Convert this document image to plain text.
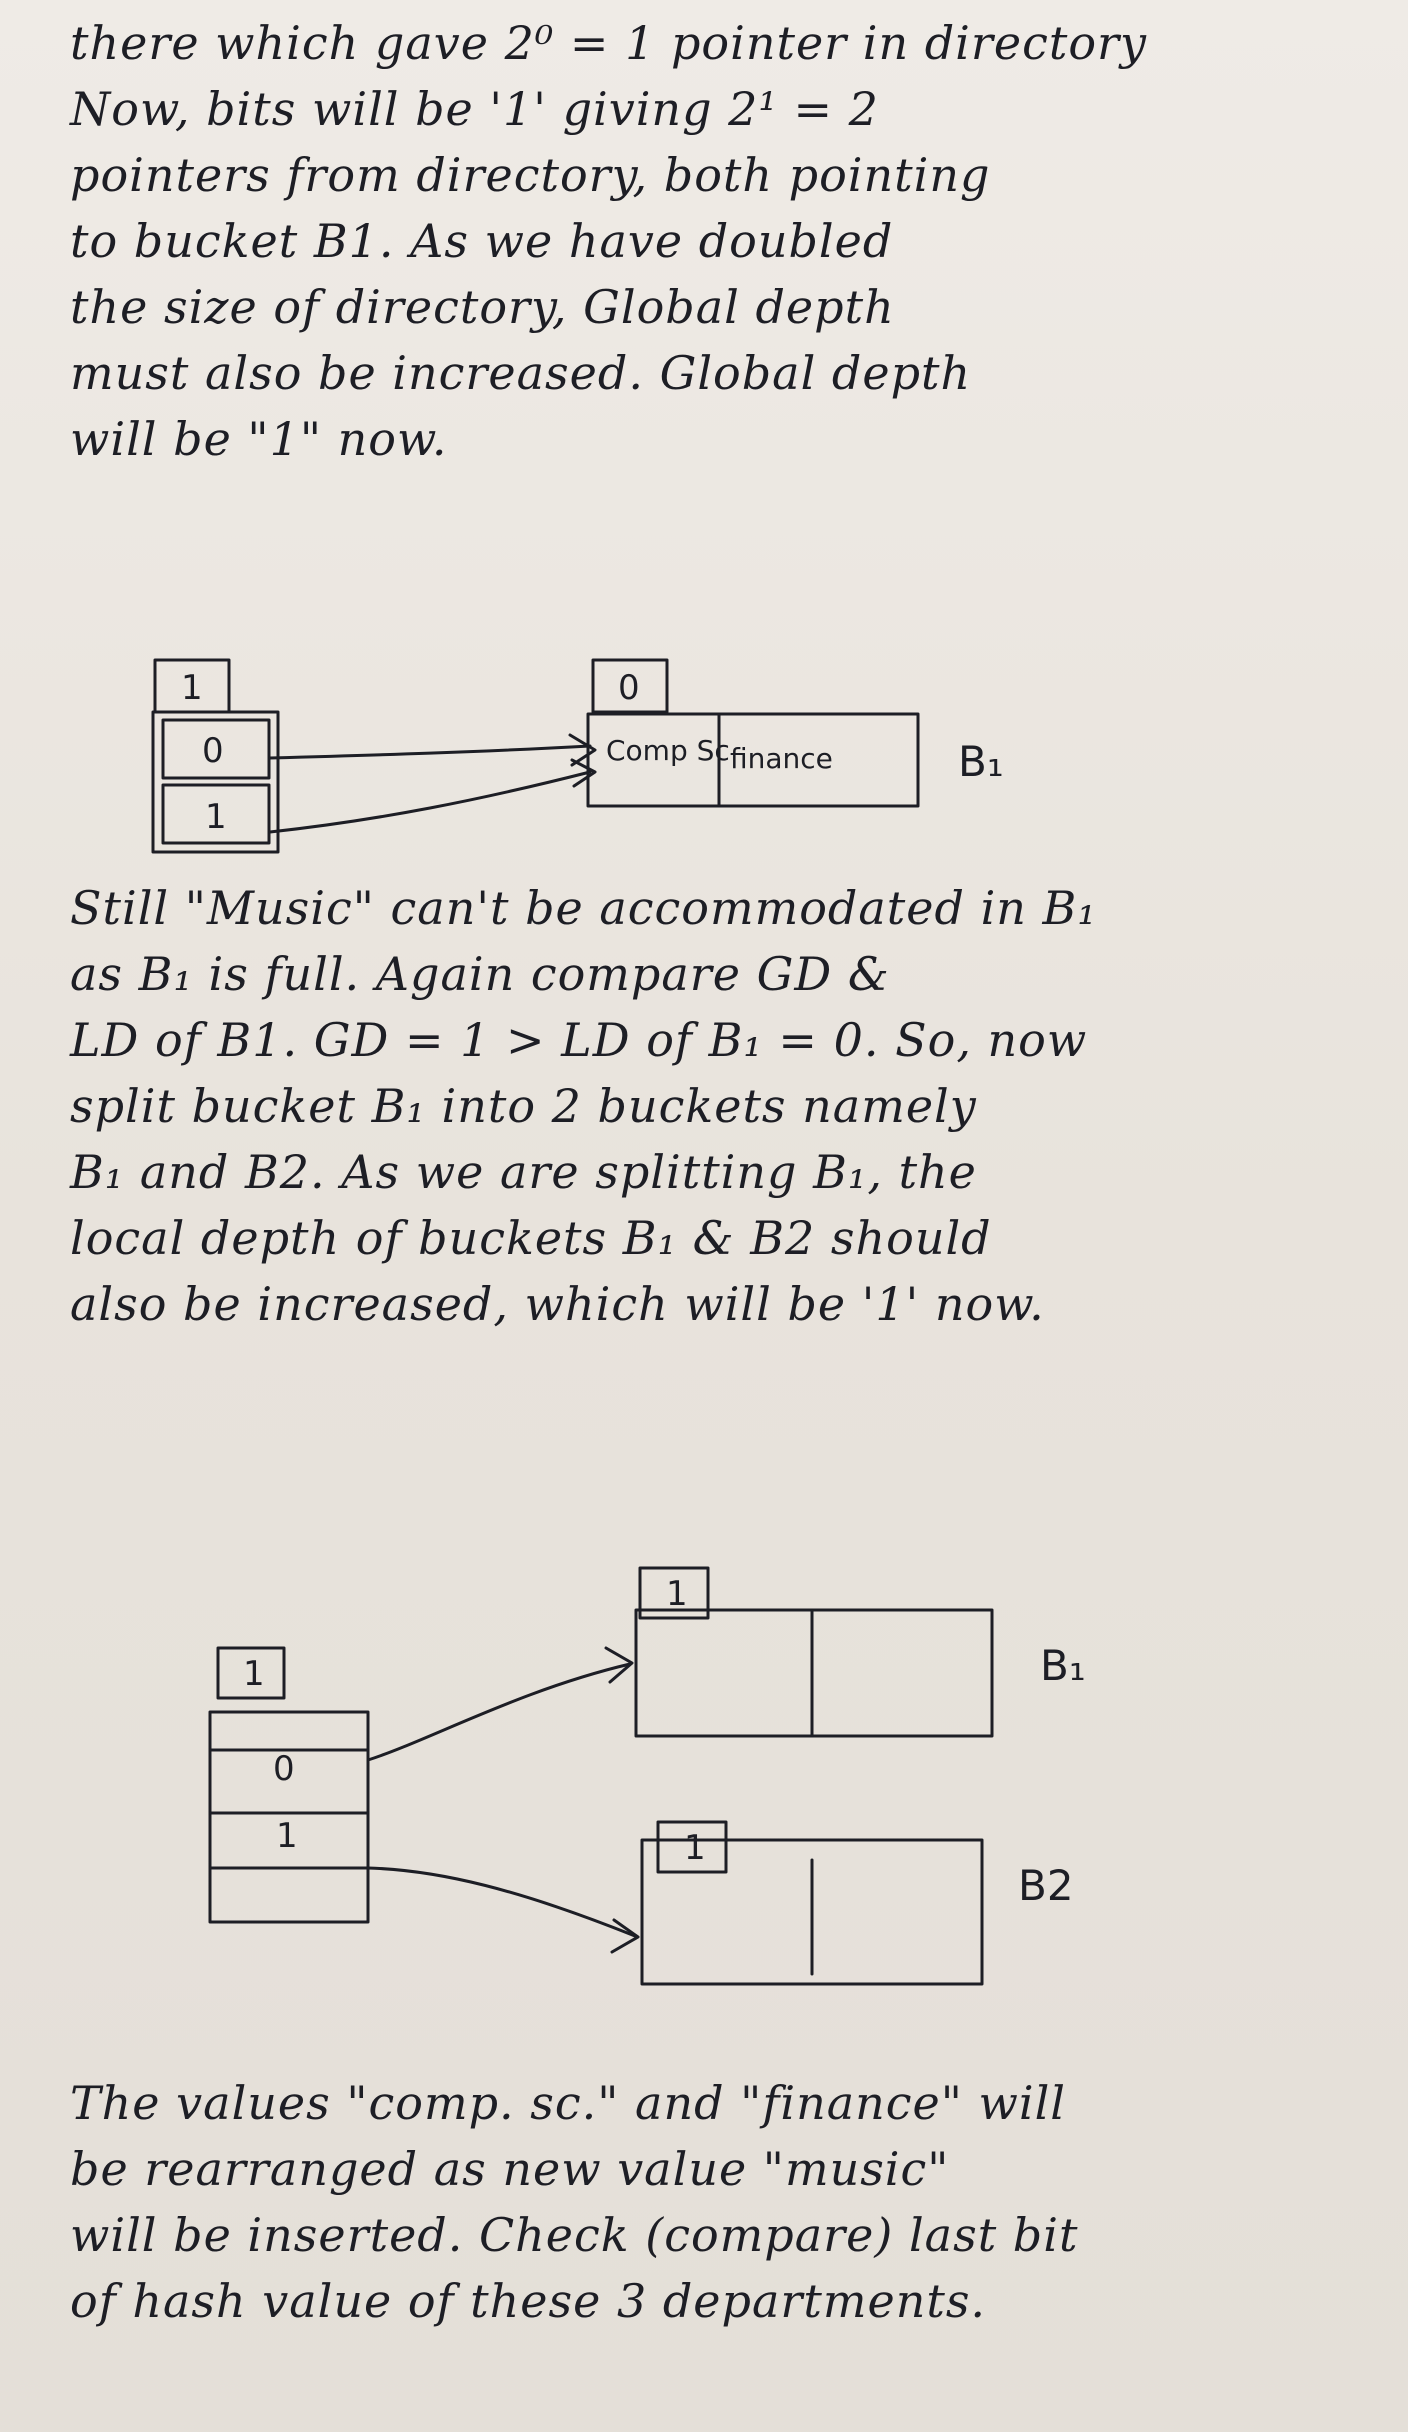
there which gave 2⁰ = 1 pointer in directory
Now, bits will be '1' giving 2¹ = 2
pointers from directory, both pointing
to bucket B1. As we have doubled
the size of directory, Global depth
must also be increased. Global depth
will be "1" now.
1
0
1
0
Comp Sc finance	B₁
Still "Music" can't be accommodated in B₁
as B₁ is full. Again compare GD &
LD of B1. GD = 1 > LD of B₁ = 0. So, now
split bucket B₁ into 2 buckets namely
B₁ and B2. As we are splitting B₁, the
local depth of buckets B₁ & B2 should
also be increased, which will be '1' now.
1
0
1
1
B₁
1
B2
The values "comp. sc." and "finance" will
be rearranged as new value "music"
will be inserted. Check (compare) last bit
of hash value of these 3 departments.
